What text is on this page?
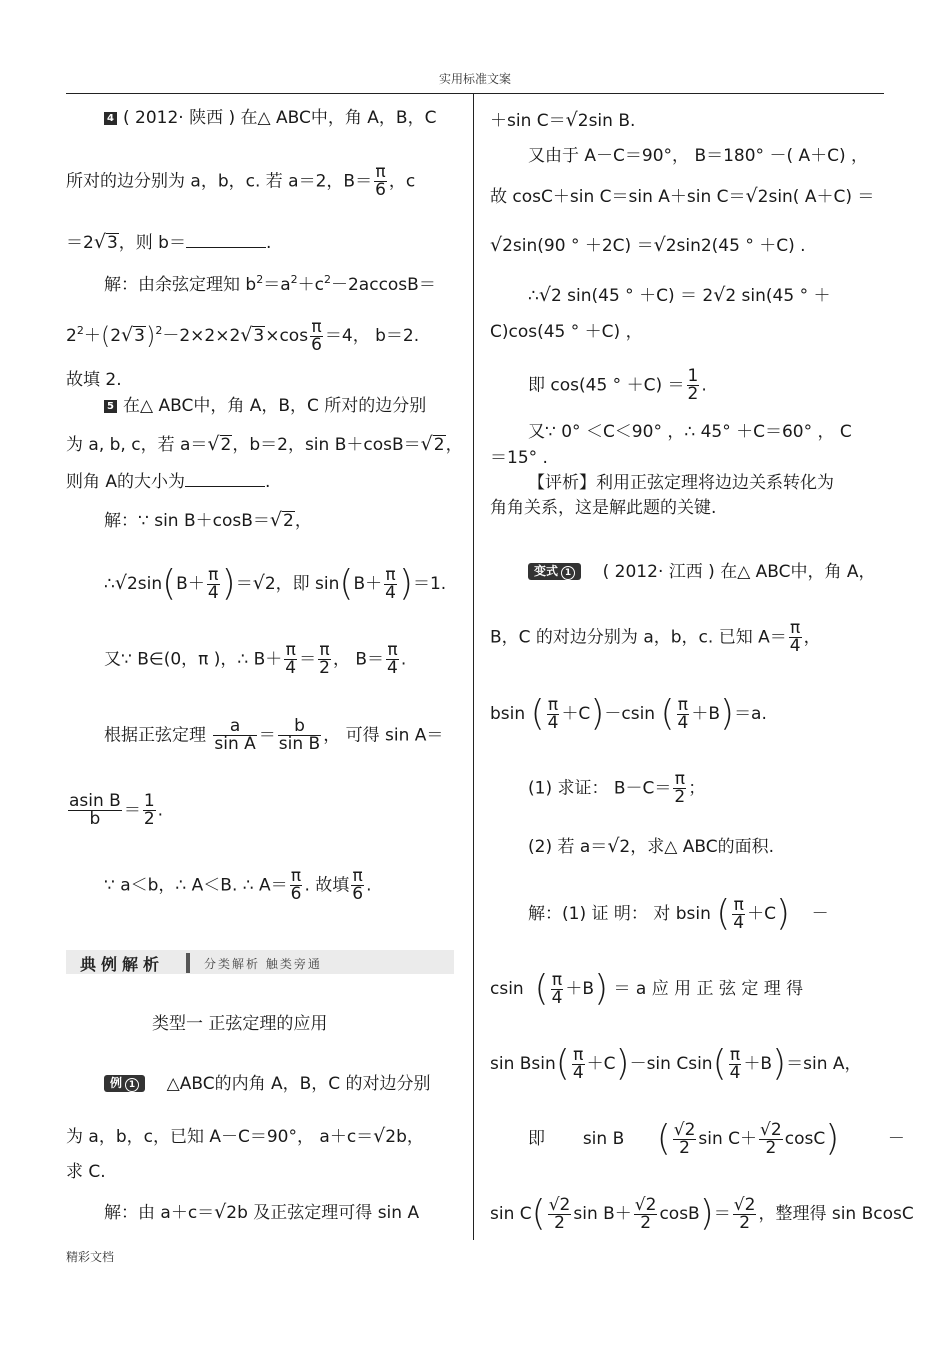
实用标准文案
4 ( 2012· 陕西 ) 在△ ABC中，角 A，B，C
所对的边分别为 a，b，c. 若 a＝2，$B= \frac{\pi}{6}$ ，c
＝2√3，则 b＝	.
解：由余弦定理知 $b^2=a^2+c^2-2accosB=$
$2^2+(2√3)^2-2\times 2\times 2√3\times\cos \frac{\pi}{6} =4$， b＝2.
故填 2.
5 在△ ABC中，角 A，B，C 所对的边分别
为 a, b, c，若 a＝√2，b＝2，sin B＋cosB＝√2，
则角 A的大小为	.
解：∵ sin B＋cosB＝√2，
∴√2sin(B＋ $\frac{\pi}{4} )=√2$，即 $\sin(B+ \frac{\pi}{4} )=1$.
又∵ B∈(0，π )，∴ $B+ \frac{\pi}{4} = \frac{\pi}{2}$ ， $B= \frac{\pi}{4}$ .
根据正弦定理 $\frac{a}{\text{sin A}} = \frac{b}{\text{sin B}}$ ， 可得 sin A＝
$\frac{\text{asin B}}{b} = \frac{1}{2}$ .
∵ a＜b，∴ A＜B. ∴ $A= \frac{\pi}{6}$ . 故填 $\frac{\pi}{6}$ .
典例解析	分类解析 触类旁通
类型一 正弦定理的应用
例 1 △ABC的内角 A，B，C 的对边分别
为 a，b，c，已知 A－C＝90°， a＋c＝√2b，
求 C.
解：由 a＋c＝√2b 及正弦定理可得 sin A
＋sin C＝√2sin B.
又由于 A－C＝90°， B＝180° －( A＋C) ，
故 cosC＋sin C＝sin A＋sin C＝√2sin( A＋C) ＝
√2sin(90 ° ＋2C) ＝√2sin2(45 ° ＋C) .
∴√2 sin(45 ° ＋C) ＝ 2√2 sin(45 ° ＋
C)cos(45 ° ＋C) ，
即 cos(45 ° $+C) = \frac{1}{2}$ .
又∵ 0° ＜C＜90° ，∴ 45° ＋C＝60° ， C
＝15° .
【评析】利用正弦定理将边边关系转化为
角角关系，这是解此题的关键.
变式 1 ( 2012· 江西 ) 在△ ABC中，角 A，
B，C 的对边分别为 a，b，c. 已知 $A= \frac{\pi}{4}$ ，
bsin ( $\frac{\pi}{4} +C)-csin$ ( $\frac{\pi}{4} +B)=a$.
(1) 求证： $B-C= \frac{\pi}{2}$ ；
(2) 若 a＝√2，求△ ABC的面积.
解：(1) 证 明： 对 bsin ( $\frac{\pi}{4} +C$) －
csin ( $\frac{\pi}{4} +B) = a$ 应 用 正 弦 定 理 得
$\sin Bsin( \frac{\pi}{4} +C)-\sin$ $Csin( \frac{\pi}{4} +B)=\sin$ A，
即 sin B ( $\frac{√2}{2}$ $\sin C+ \frac{√2}{2} \cos C$)	－
$\sin C( \frac{√2}{2}$ $\sin B+ \frac{√2}{2} \cos B)= \frac{√2}{2}$ ，整理得 sin BcosC
精彩文档
